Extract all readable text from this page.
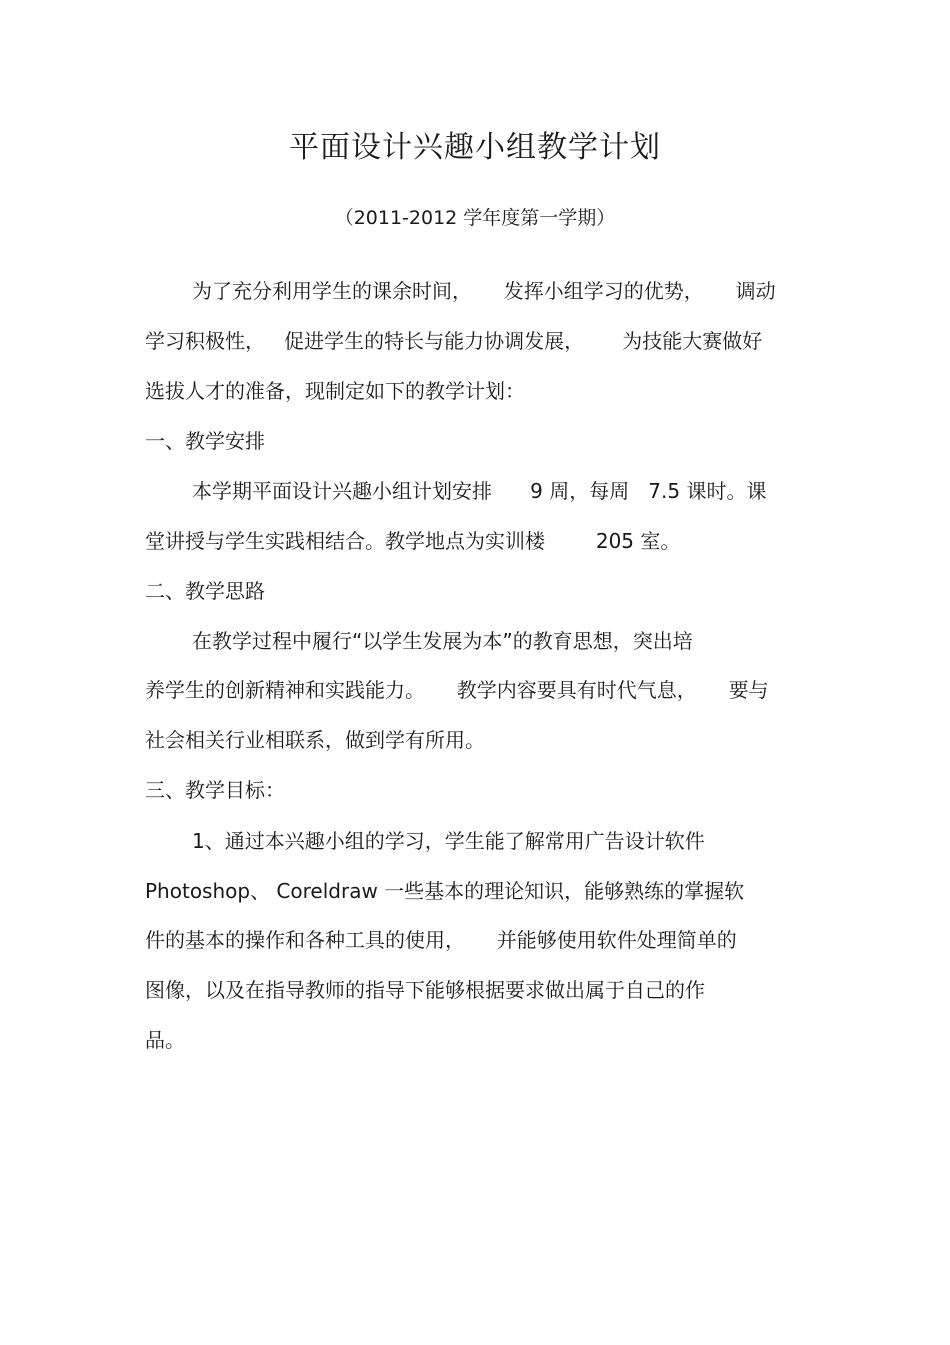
平面设计兴趣小组教学计划
（2011-2012 学年度第一学期）
为了充分利用学生的课余时间，     发挥小组学习的优势，     调动
学习积极性，   促进学生的特长与能力协调发展，      为技能大赛做好
选拔人才的准备，现制定如下的教学计划：
一、教学安排
本学期平面设计兴趣小组计划安排      9 周，每周   7.5 课时。课
堂讲授与学生实践相结合。教学地点为实训楼        205 室。
二、教学思路
在教学过程中履行“以学生发展为本”的教育思想，突出培
养学生的创新精神和实践能力。     教学内容要具有时代气息，     要与
社会相关行业相联系，做到学有所用。
三、教学目标：
1、通过本兴趣小组的学习，学生能了解常用广告设计软件
Photoshop、 Coreldraw 一些基本的理论知识，能够熟练的掌握软
件的基本的操作和各种工具的使用，     并能够使用软件处理简单的
图像，以及在指导教师的指导下能够根据要求做出属于自己的作
品。
